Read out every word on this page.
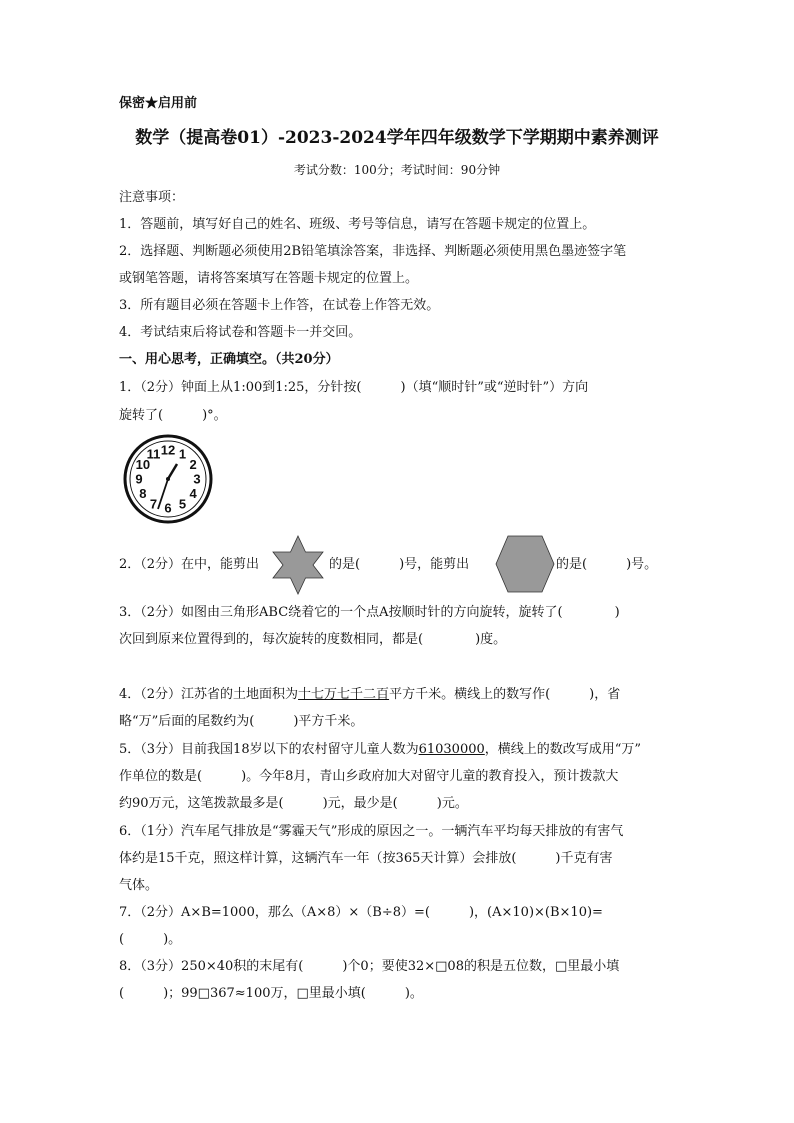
保密★启用前
数学（提高卷01）-2023-2024学年四年级数学下学期期中素养测评
考试分数：100分；考试时间：90分钟
注意事项：
1．答题前，填写好自己的姓名、班级、考号等信息，请写在答题卡规定的位置上。
2．选择题、判断题必须使用2B铅笔填涂答案，非选择、判断题必须使用黑色墨迹签字笔
或钢笔答题，请将答案填写在答题卡规定的位置上。
3．所有题目必须在答题卡上作答，在试卷上作答无效。
4．考试结束后将试卷和答题卡一并交回。
一、用心思考，正确填空。（共20分）
1．（2分）钟面上从1:00到1:25，分针按(　　　)（填“顺时针”或“逆时针”）方向
旋转了(　　　)°。
12 1
2
3
4
5
6
7
8
9
10
11
2．（2分）在中，能剪出	的是(　　　)号，能剪出	的是(　　　)号。
3．（2分）如图由三角形ABC绕着它的一个点A按顺时针的方向旋转，旋转了(　　　　)
次回到原来位置得到的，每次旋转的度数相同，都是(　　　　)度。
4．（2分）江苏省的土地面积为十七万七千二百平方千米。横线上的数写作(　　　)，省
略“万”后面的尾数约为(　　　)平方千米。
5．（3分）目前我国18岁以下的农村留守儿童人数为61030000，横线上的数改写成用“万”
作单位的数是(　　　)。今年8月，青山乡政府加大对留守儿童的教育投入，预计拨款大
约90万元，这笔拨款最多是(　　　)元，最少是(　　　)元。
6．（1分）汽车尾气排放是“雾霾天气”形成的原因之一。一辆汽车平均每天排放的有害气
体约是15千克，照这样计算，这辆汽车一年（按365天计算）会排放(　　　)千克有害
气体。
7．（2分）A×B=1000，那么（A×8）×（B÷8）=(　　　)，(A×10)×(B×10)=
(　　　)。
8．（3分）250×40积的末尾有(　　　)个0；要使32×□08的积是五位数，□里最小填
(　　　)；99□367≈100万，□里最小填(　　　)。
